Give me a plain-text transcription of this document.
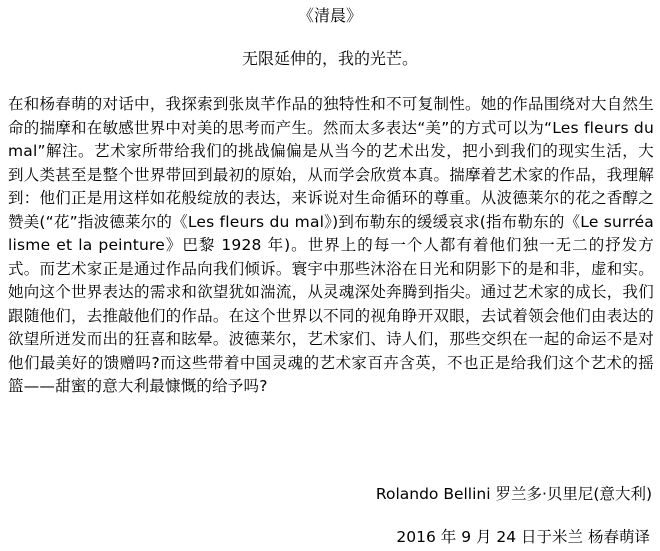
《清晨》
无限延伸的，我的光芒。
在和杨春萌的对话中，我探索到张岚芊作品的独特性和不可复制性。她的作品围绕对大自然生命的揣摩和在敏感世界中对美的思考而产生。然而太多表达“美”的方式可以为“Les fleurs du mal”解注。艺术家所带给我们的挑战偏偏是从当今的艺术出发，把小到我们的现实生活，大到人类甚至是整个世界带回到最初的原始，从而学会欣赏本真。揣摩着艺术家的作品，我理解到：他们正是用这样如花般绽放的表达，来诉说对生命循环的尊重。从波德莱尔的花之香醇之赞美(“花”指波德莱尔的《Les fleurs du mal》)到布勒东的缓缓哀求(指布勒东的《Le surréalisme et la peinture》巴黎 1928 年)。世界上的每一个人都有着他们独一无二的抒发方式。而艺术家正是通过作品向我们倾诉。寰宇中那些沐浴在日光和阴影下的是和非，虚和实。她向这个世界表达的需求和欲望犹如湍流，从灵魂深处奔腾到指尖。通过艺术家的成长，我们跟随他们，去推敲他们的作品。在这个世界以不同的视角睁开双眼，去试着领会他们由表达的欲望所迸发而出的狂喜和眩晕。波德莱尔，艺术家们、诗人们，那些交织在一起的命运不是对他们最美好的馈赠吗?而这些带着中国灵魂的艺术家百卉含英，不也正是给我们这个艺术的摇篮——甜蜜的意大利最慷慨的给予吗?
Rolando Bellini 罗兰多·贝里尼(意大利)
2016 年 9 月 24 日于米兰 杨春萌译
